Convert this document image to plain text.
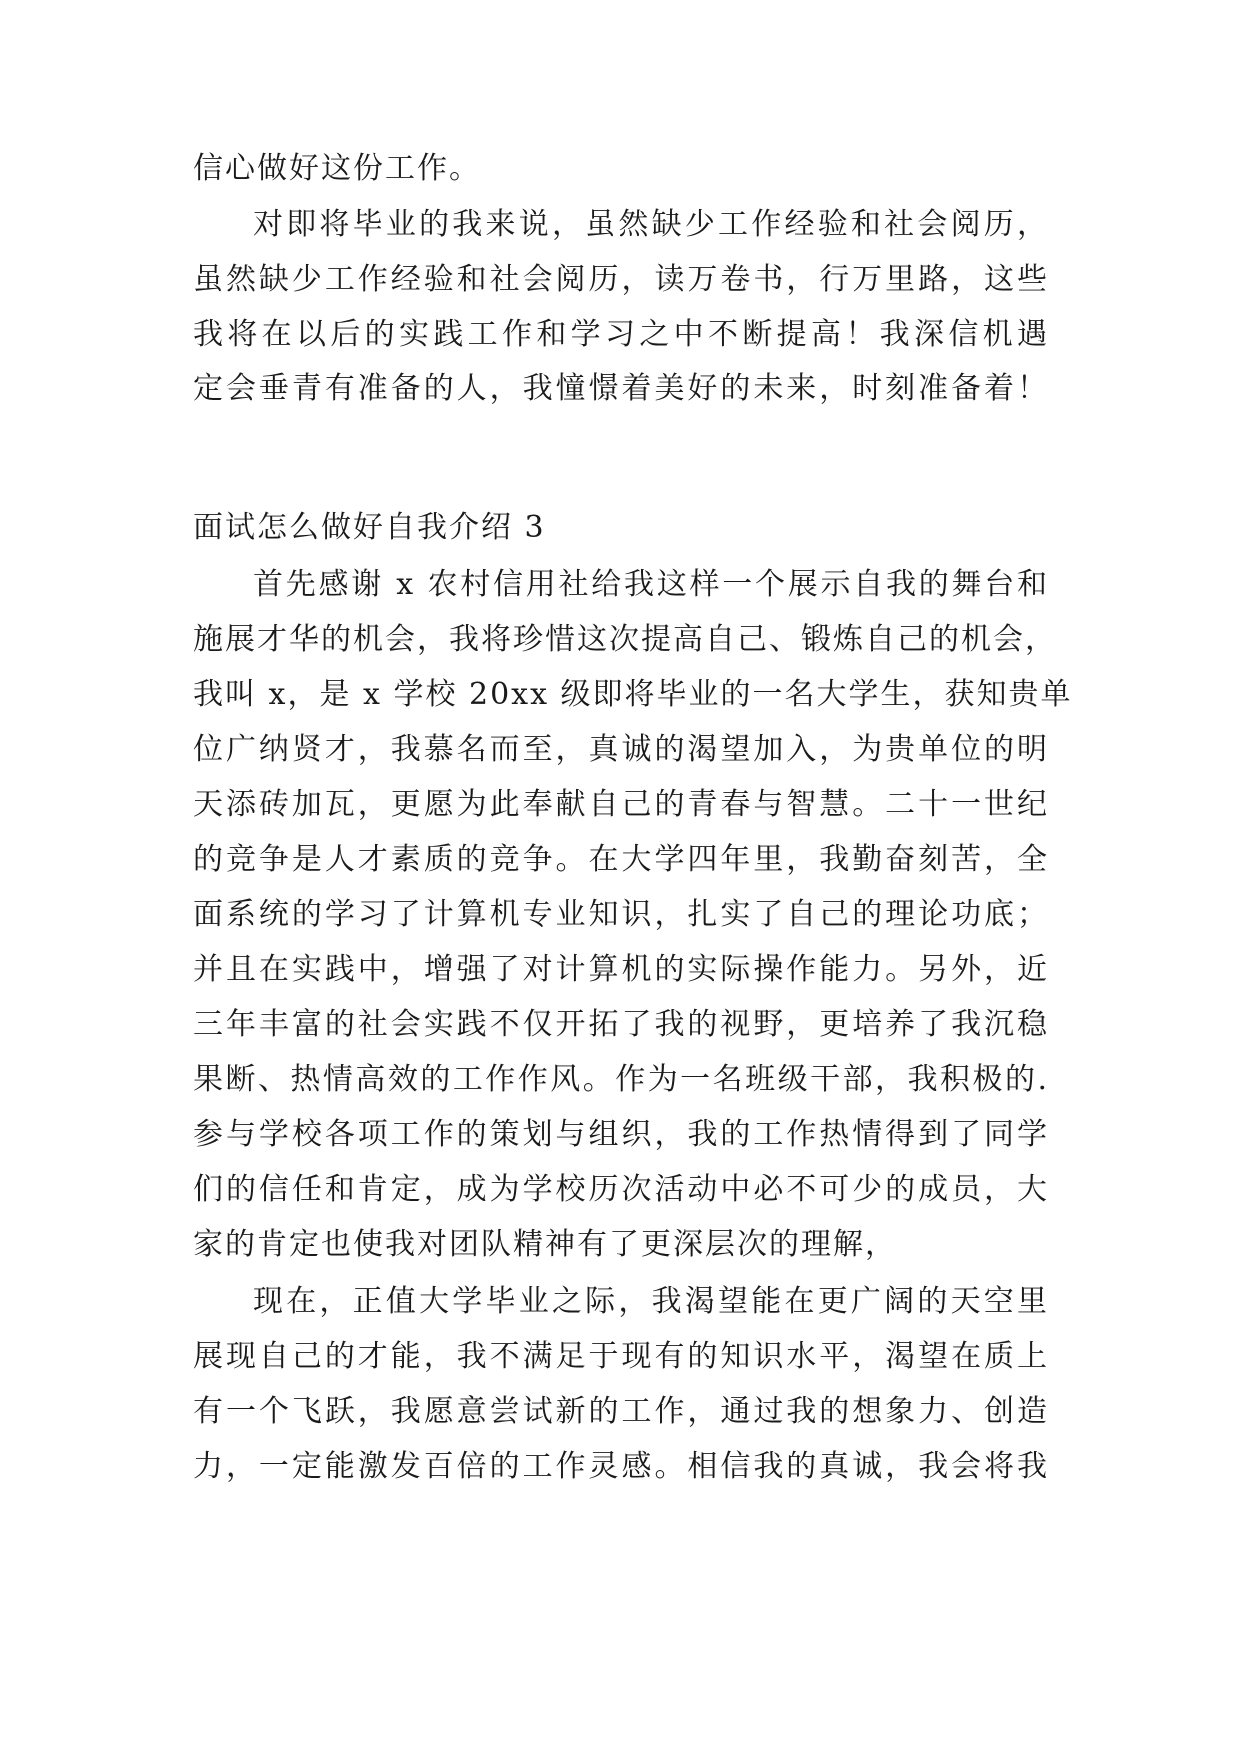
信心做好这份工作。
对即将毕业的我来说，虽然缺少工作经验和社会阅历，
虽然缺少工作经验和社会阅历，读万卷书，行万里路，这些
我将在以后的实践工作和学习之中不断提高！我深信机遇
定会垂青有准备的人，我憧憬着美好的未来，时刻准备着！
面试怎么做好自我介绍 3
首先感谢 x 农村信用社给我这样一个展示自我的舞台和
施展才华的机会，我将珍惜这次提高自己、锻炼自己的机会，
我叫 x，是 x 学校 20xx 级即将毕业的一名大学生，获知贵单
位广纳贤才，我慕名而至，真诚的渴望加入，为贵单位的明
天添砖加瓦，更愿为此奉献自己的青春与智慧。二十一世纪
的竞争是人才素质的竞争。在大学四年里，我勤奋刻苦，全
面系统的学习了计算机专业知识，扎实了自己的理论功底；
并且在实践中，增强了对计算机的实际操作能力。另外，近
三年丰富的社会实践不仅开拓了我的视野，更培养了我沉稳
果断、热情高效的工作作风。作为一名班级干部，我积极的.
参与学校各项工作的策划与组织，我的工作热情得到了同学
们的信任和肯定，成为学校历次活动中必不可少的成员，大
家的肯定也使我对团队精神有了更深层次的理解，
现在，正值大学毕业之际，我渴望能在更广阔的天空里
展现自己的才能，我不满足于现有的知识水平，渴望在质上
有一个飞跃，我愿意尝试新的工作，通过我的想象力、创造
力，一定能激发百倍的工作灵感。相信我的真诚，我会将我
